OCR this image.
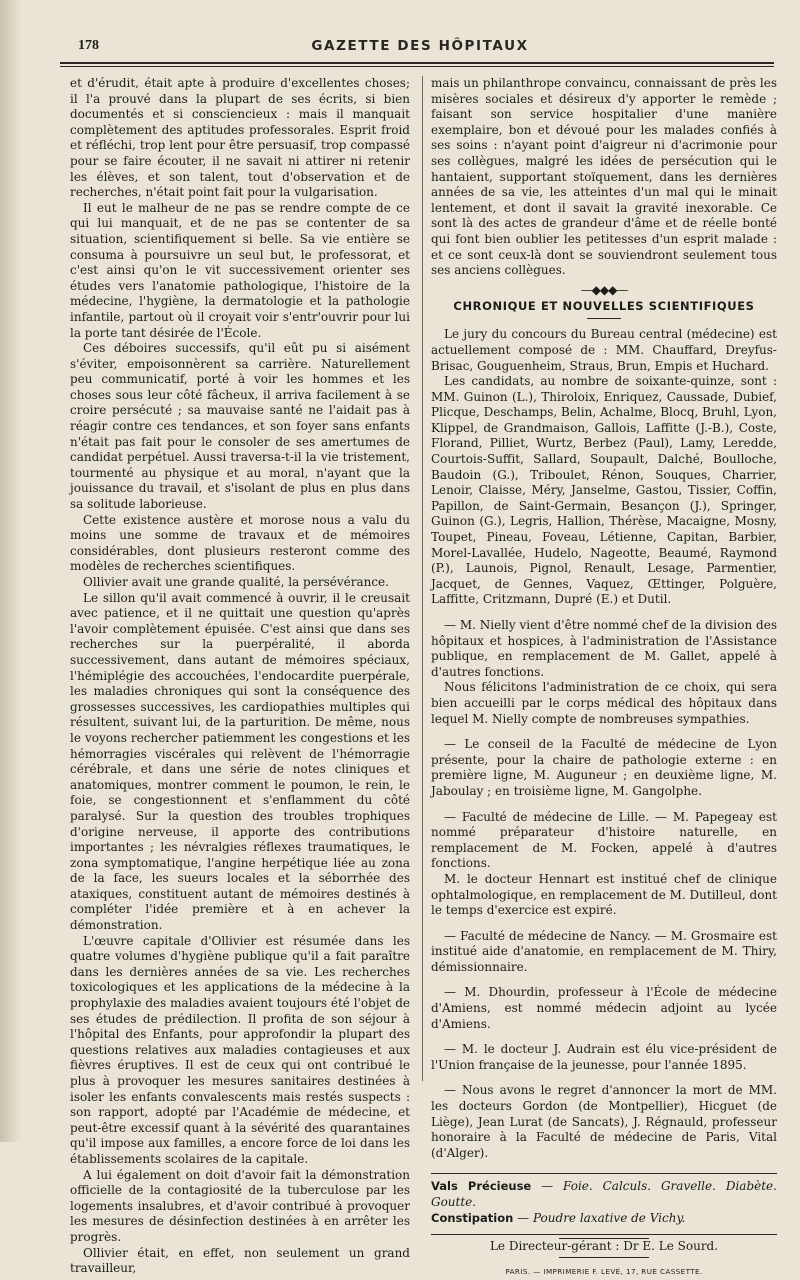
178	GAZETTE DES HÔPITAUX

et d'érudit, était apte à produire d'excellentes choses; il l'a prouvé dans la plupart de ses écrits, si bien documentés et si consciencieux : mais il manquait complètement des aptitudes professorales. Esprit froid et réfléchi, trop lent pour être persuasif, trop compassé pour se faire écouter, il ne savait ni attirer ni retenir les élèves, et son talent, tout d'observation et de recherches, n'était point fait pour la vulgarisation.

Il eut le malheur de ne pas se rendre compte de ce qui lui manquait, et de ne pas se contenter de sa situation, scientifiquement si belle. Sa vie entière se consuma à poursuivre un seul but, le professorat, et c'est ainsi qu'on le vit successivement orienter ses études vers l'anatomie pathologique, l'histoire de la médecine, l'hygiène, la dermatologie et la pathologie infantile, partout où il croyait voir s'entr'ouvrir pour lui la porte tant désirée de l'École.

Ces déboires successifs, qu'il eût pu si aisément s'éviter, empoisonnèrent sa carrière. Naturellement peu communicatif, porté à voir les hommes et les choses sous leur côté fâcheux, il arriva facilement à se croire persécuté ; sa mauvaise santé ne l'aidait pas à réagir contre ces tendances, et son foyer sans enfants n'était pas fait pour le consoler de ses amertumes de candidat perpétuel. Aussi traversa-t-il la vie tristement, tourmenté au physique et au moral, n'ayant que la jouissance du travail, et s'isolant de plus en plus dans sa solitude laborieuse.

Cette existence austère et morose nous a valu du moins une somme de travaux et de mémoires considérables, dont plusieurs resteront comme des modèles de recherches scientifiques.

Ollivier avait une grande qualité, la persévérance.

Le sillon qu'il avait commencé à ouvrir, il le creusait avec patience, et il ne quittait une question qu'après l'avoir complètement épuisée. C'est ainsi que dans ses recherches sur la puerpéralité, il aborda successivement, dans autant de mémoires spéciaux, l'hémiplégie des accouchées, l'endocardite puerpérale, les maladies chroniques qui sont la conséquence des grossesses successives, les cardiopathies multiples qui résultent, suivant lui, de la parturition. De même, nous le voyons rechercher patiemment les congestions et les hémorragies viscérales qui relèvent de l'hémorragie cérébrale, et dans une série de notes cliniques et anatomiques, montrer comment le poumon, le rein, le foie, se congestionnent et s'enflamment du côté paralysé. Sur la question des troubles trophiques d'origine nerveuse, il apporte des contributions importantes ; les névralgies réflexes traumatiques, le zona symptomatique, l'angine herpétique liée au zona de la face, les sueurs locales et la séborrhée des ataxiques, constituent autant de mémoires destinés à compléter l'idée première et à en achever la démonstration.

L'œuvre capitale d'Ollivier est résumée dans les quatre volumes d'hygiène publique qu'il a fait paraître dans les dernières années de sa vie. Les recherches toxicologiques et les applications de la médecine à la prophylaxie des maladies avaient toujours été l'objet de ses études de prédilection. Il profita de son séjour à l'hôpital des Enfants, pour approfondir la plupart des questions relatives aux maladies contagieuses et aux fièvres éruptives. Il est de ceux qui ont contribué le plus à provoquer les mesures sanitaires destinées à isoler les enfants convalescents mais restés suspects : son rapport, adopté par l'Académie de médecine, et peut-être excessif quant à la sévérité des quarantaines qu'il impose aux familles, a encore force de loi dans les établissements scolaires de la capitale.

A lui également on doit d'avoir fait la démonstration officielle de la contagiosité de la tuberculose par les logements insalubres, et d'avoir contribué à provoquer les mesures de désinfection destinées à en arrêter les progrès.

Ollivier était, en effet, non seulement un grand travailleur,

mais un philanthrope convaincu, connaissant de près les misères sociales et désireux d'y apporter le remède ; faisant son service hospitalier d'une manière exemplaire, bon et dévoué pour les malades confiés à ses soins : n'ayant point d'aigreur ni d'acrimonie pour ses collègues, malgré les idées de persécution qui le hantaient, supportant stoïquement, dans les dernières années de sa vie, les atteintes d'un mal qui le minait lentement, et dont il savait la gravité inexorable. Ce sont là des actes de grandeur d'âme et de réelle bonté qui font bien oublier les petitesses d'un esprit malade : et ce sont ceux-là dont se souviendront seulement tous ses anciens collègues.

—◆◆◆—
CHRONIQUE ET NOUVELLES SCIENTIFIQUES

Le jury du concours du Bureau central (médecine) est actuellement composé de : MM. Chauffard, Dreyfus-Brisac, Gouguenheim, Straus, Brun, Empis et Huchard.

Les candidats, au nombre de soixante-quinze, sont : MM. Guinon (L.), Thiroloix, Enriquez, Caussade, Dubief, Plicque, Deschamps, Belin, Achalme, Blocq, Bruhl, Lyon, Klippel, de Grandmaison, Gallois, Laffitte (J.-B.), Coste, Florand, Pilliet, Wurtz, Berbez (Paul), Lamy, Leredde, Courtois-Suffit, Sallard, Soupault, Dalché, Boulloche, Baudoin (G.), Triboulet, Rénon, Souques, Charrier, Lenoir, Claisse, Méry, Janselme, Gastou, Tissier, Coffin, Papillon, de Saint-Germain, Besançon (J.), Springer, Guinon (G.), Legris, Hallion, Thérèse, Macaigne, Mosny, Toupet, Pineau, Foveau, Létienne, Capitan, Barbier, Morel-Lavallée, Hudelo, Nageotte, Beaumé, Raymond (P.), Launois, Pignol, Renault, Lesage, Parmentier, Jacquet, de Gennes, Vaquez, Œttinger, Polguère, Laffitte, Critzmann, Dupré (E.) et Dutil.

— M. Nielly vient d'être nommé chef de la division des hôpitaux et hospices, à l'administration de l'Assistance publique, en remplacement de M. Gallet, appelé à d'autres fonctions.

Nous félicitons l'administration de ce choix, qui sera bien accueilli par le corps médical des hôpitaux dans lequel M. Nielly compte de nombreuses sympathies.

— Le conseil de la Faculté de médecine de Lyon présente, pour la chaire de pathologie externe : en première ligne, M. Auguneur ; en deuxième ligne, M. Jaboulay ; en troisième ligne, M. Gangolphe.

— Faculté de médecine de Lille. — M. Papegeay est nommé préparateur d'histoire naturelle, en remplacement de M. Focken, appelé à d'autres fonctions.

M. le docteur Hennart est institué chef de clinique ophtalmologique, en remplacement de M. Dutilleul, dont le temps d'exercice est expiré.

— Faculté de médecine de Nancy. — M. Grosmaire est institué aide d'anatomie, en remplacement de M. Thiry, démissionnaire.

— M. Dhourdin, professeur à l'École de médecine d'Amiens, est nommé médecin adjoint au lycée d'Amiens.

— M. le docteur J. Audrain est élu vice-président de l'Union française de la jeunesse, pour l'année 1895.

— Nous avons le regret d'annoncer la mort de MM. les docteurs Gordon (de Montpellier), Hicguet (de Liège), Jean Lurat (de Sancats), J. Régnauld, professeur honoraire à la Faculté de médecine de Paris, Vital (d'Alger).

Vals Précieuse — Foie. Calculs. Gravelle. Diabète. Goutte.
Constipation — Poudre laxative de Vichy.
Le Directeur-gérant : Dr E. Le Sourd.
PARIS. — IMPRIMERIE F. LEVÉ, 17, RUE CASSETTE.
